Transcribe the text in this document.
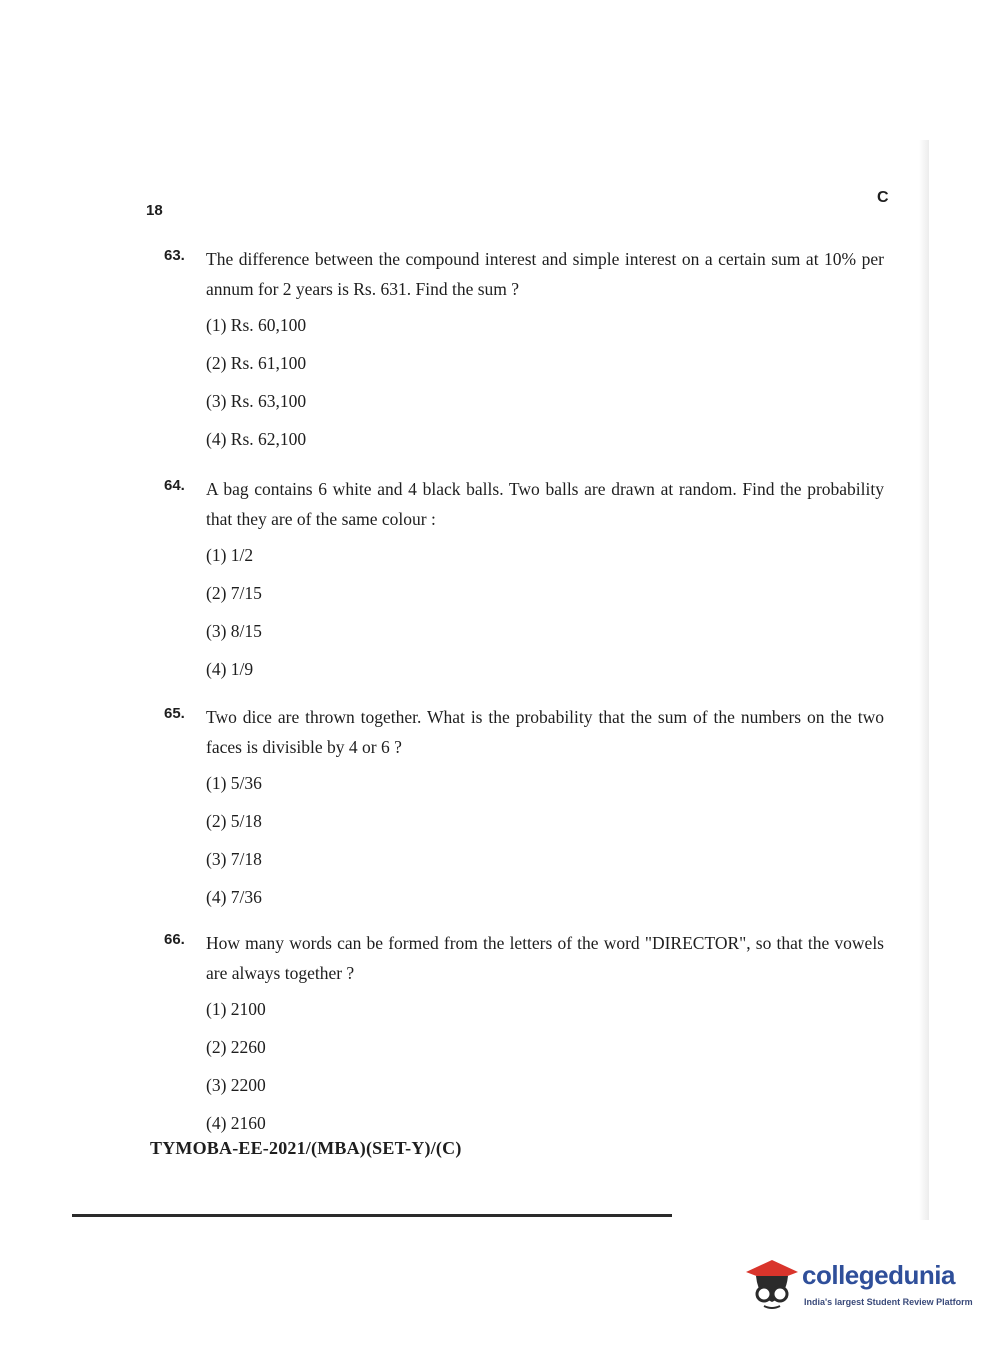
18
C
63.	The difference between the compound interest and simple interest on a certain sum at 10% per annum for 2 years is Rs. 631. Find the sum ?
(1) Rs. 60,100
(2) Rs. 61,100
(3) Rs. 63,100
(4) Rs. 62,100
64.	A bag contains 6 white and 4 black balls. Two balls are drawn at random. Find the probability that they are of the same colour :
(1) 1/2
(2) 7/15
(3) 8/15
(4) 1/9
65.	Two dice are thrown together. What is the probability that the sum of the numbers on the two faces is divisible by 4 or 6 ?
(1) 5/36
(2) 5/18
(3) 7/18
(4) 7/36
66.	How many words can be formed from the letters of the word "DIRECTOR", so that the vowels are always together ?
(1) 2100
(2) 2260
(3) 2200
(4) 2160
TYMOBA-EE-2021/(MBA)(SET-Y)/(C)
collegedunia
India's largest Student Review Platform
